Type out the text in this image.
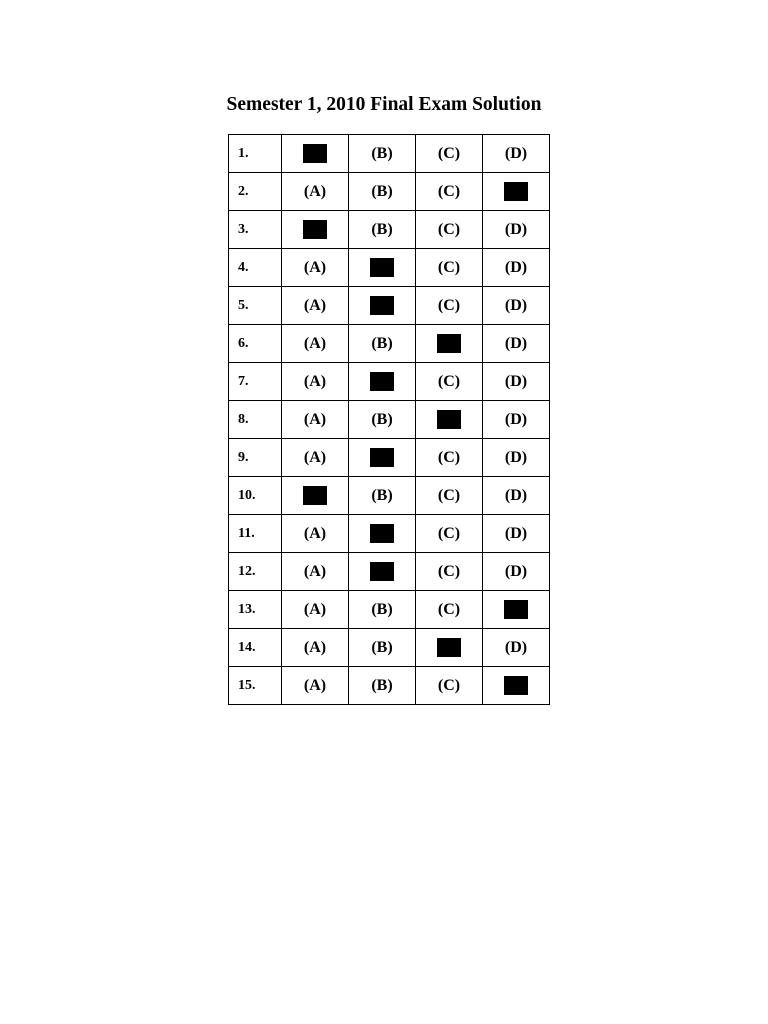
Semester 1, 2010 Final Exam Solution
1.		(B)	(C)	(D)
2.	(A)	(B)	(C)	
3.		(B)	(C)	(D)
4.	(A)		(C)	(D)
5.	(A)		(C)	(D)
6.	(A)	(B)		(D)
7.	(A)		(C)	(D)
8.	(A)	(B)		(D)
9.	(A)		(C)	(D)
10.		(B)	(C)	(D)
11.	(A)		(C)	(D)
12.	(A)		(C)	(D)
13.	(A)	(B)	(C)	
14.	(A)	(B)		(D)
15.	(A)	(B)	(C)	
